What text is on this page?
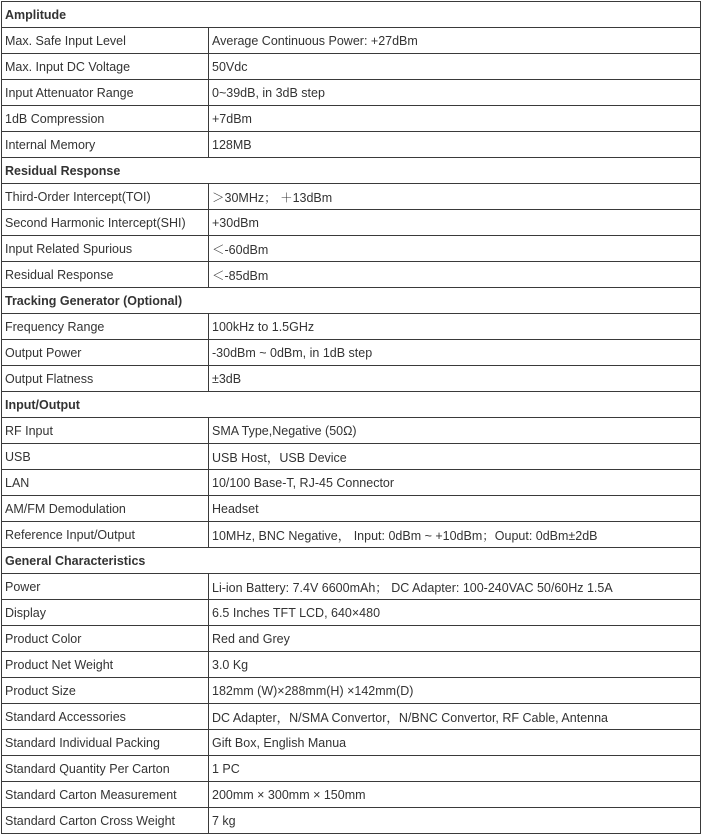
Amplitude	
Max. Safe Input Level	Average Continuous Power: +27dBm
Max. Input DC Voltage	50Vdc
Input Attenuator Range	0~39dB, in 3dB step
1dB Compression	+7dBm
Internal Memory	128MB
Residual Response	
Third-Order Intercept(TOI)	＞30MHz； ＋13dBm
Second Harmonic Intercept(SHI)	+30dBm
Input Related Spurious	＜-60dBm
Residual Response	＜-85dBm
Tracking Generator (Optional)	
Frequency Range	100kHz to 1.5GHz
Output Power	-30dBm ~ 0dBm, in 1dB step
Output Flatness	±3dB
Input/Output	
RF Input	SMA Type,Negative (50Ω)
USB	USB Host，USB Device
LAN	10/100 Base-T, RJ-45 Connector
AM/FM Demodulation	Headset
Reference Input/Output	10MHz, BNC Negative， Input: 0dBm ~ +10dBm；Ouput: 0dBm±2dB
General Characteristics	
Power	Li-ion Battery: 7.4V 6600mAh； DC Adapter: 100-240VAC 50/60Hz 1.5A
Display	6.5 Inches TFT LCD, 640×480
Product Color	Red and Grey
Product Net Weight	3.0 Kg
Product Size	182mm (W)×288mm(H) ×142mm(D)
Standard Accessories	DC Adapter，N/SMA Convertor，N/BNC Convertor, RF Cable, Antenna
Standard Individual Packing	Gift Box, English Manua
Standard Quantity Per Carton	1 PC
Standard Carton Measurement	200mm × 300mm × 150mm
Standard Carton Cross Weight	7 kg
